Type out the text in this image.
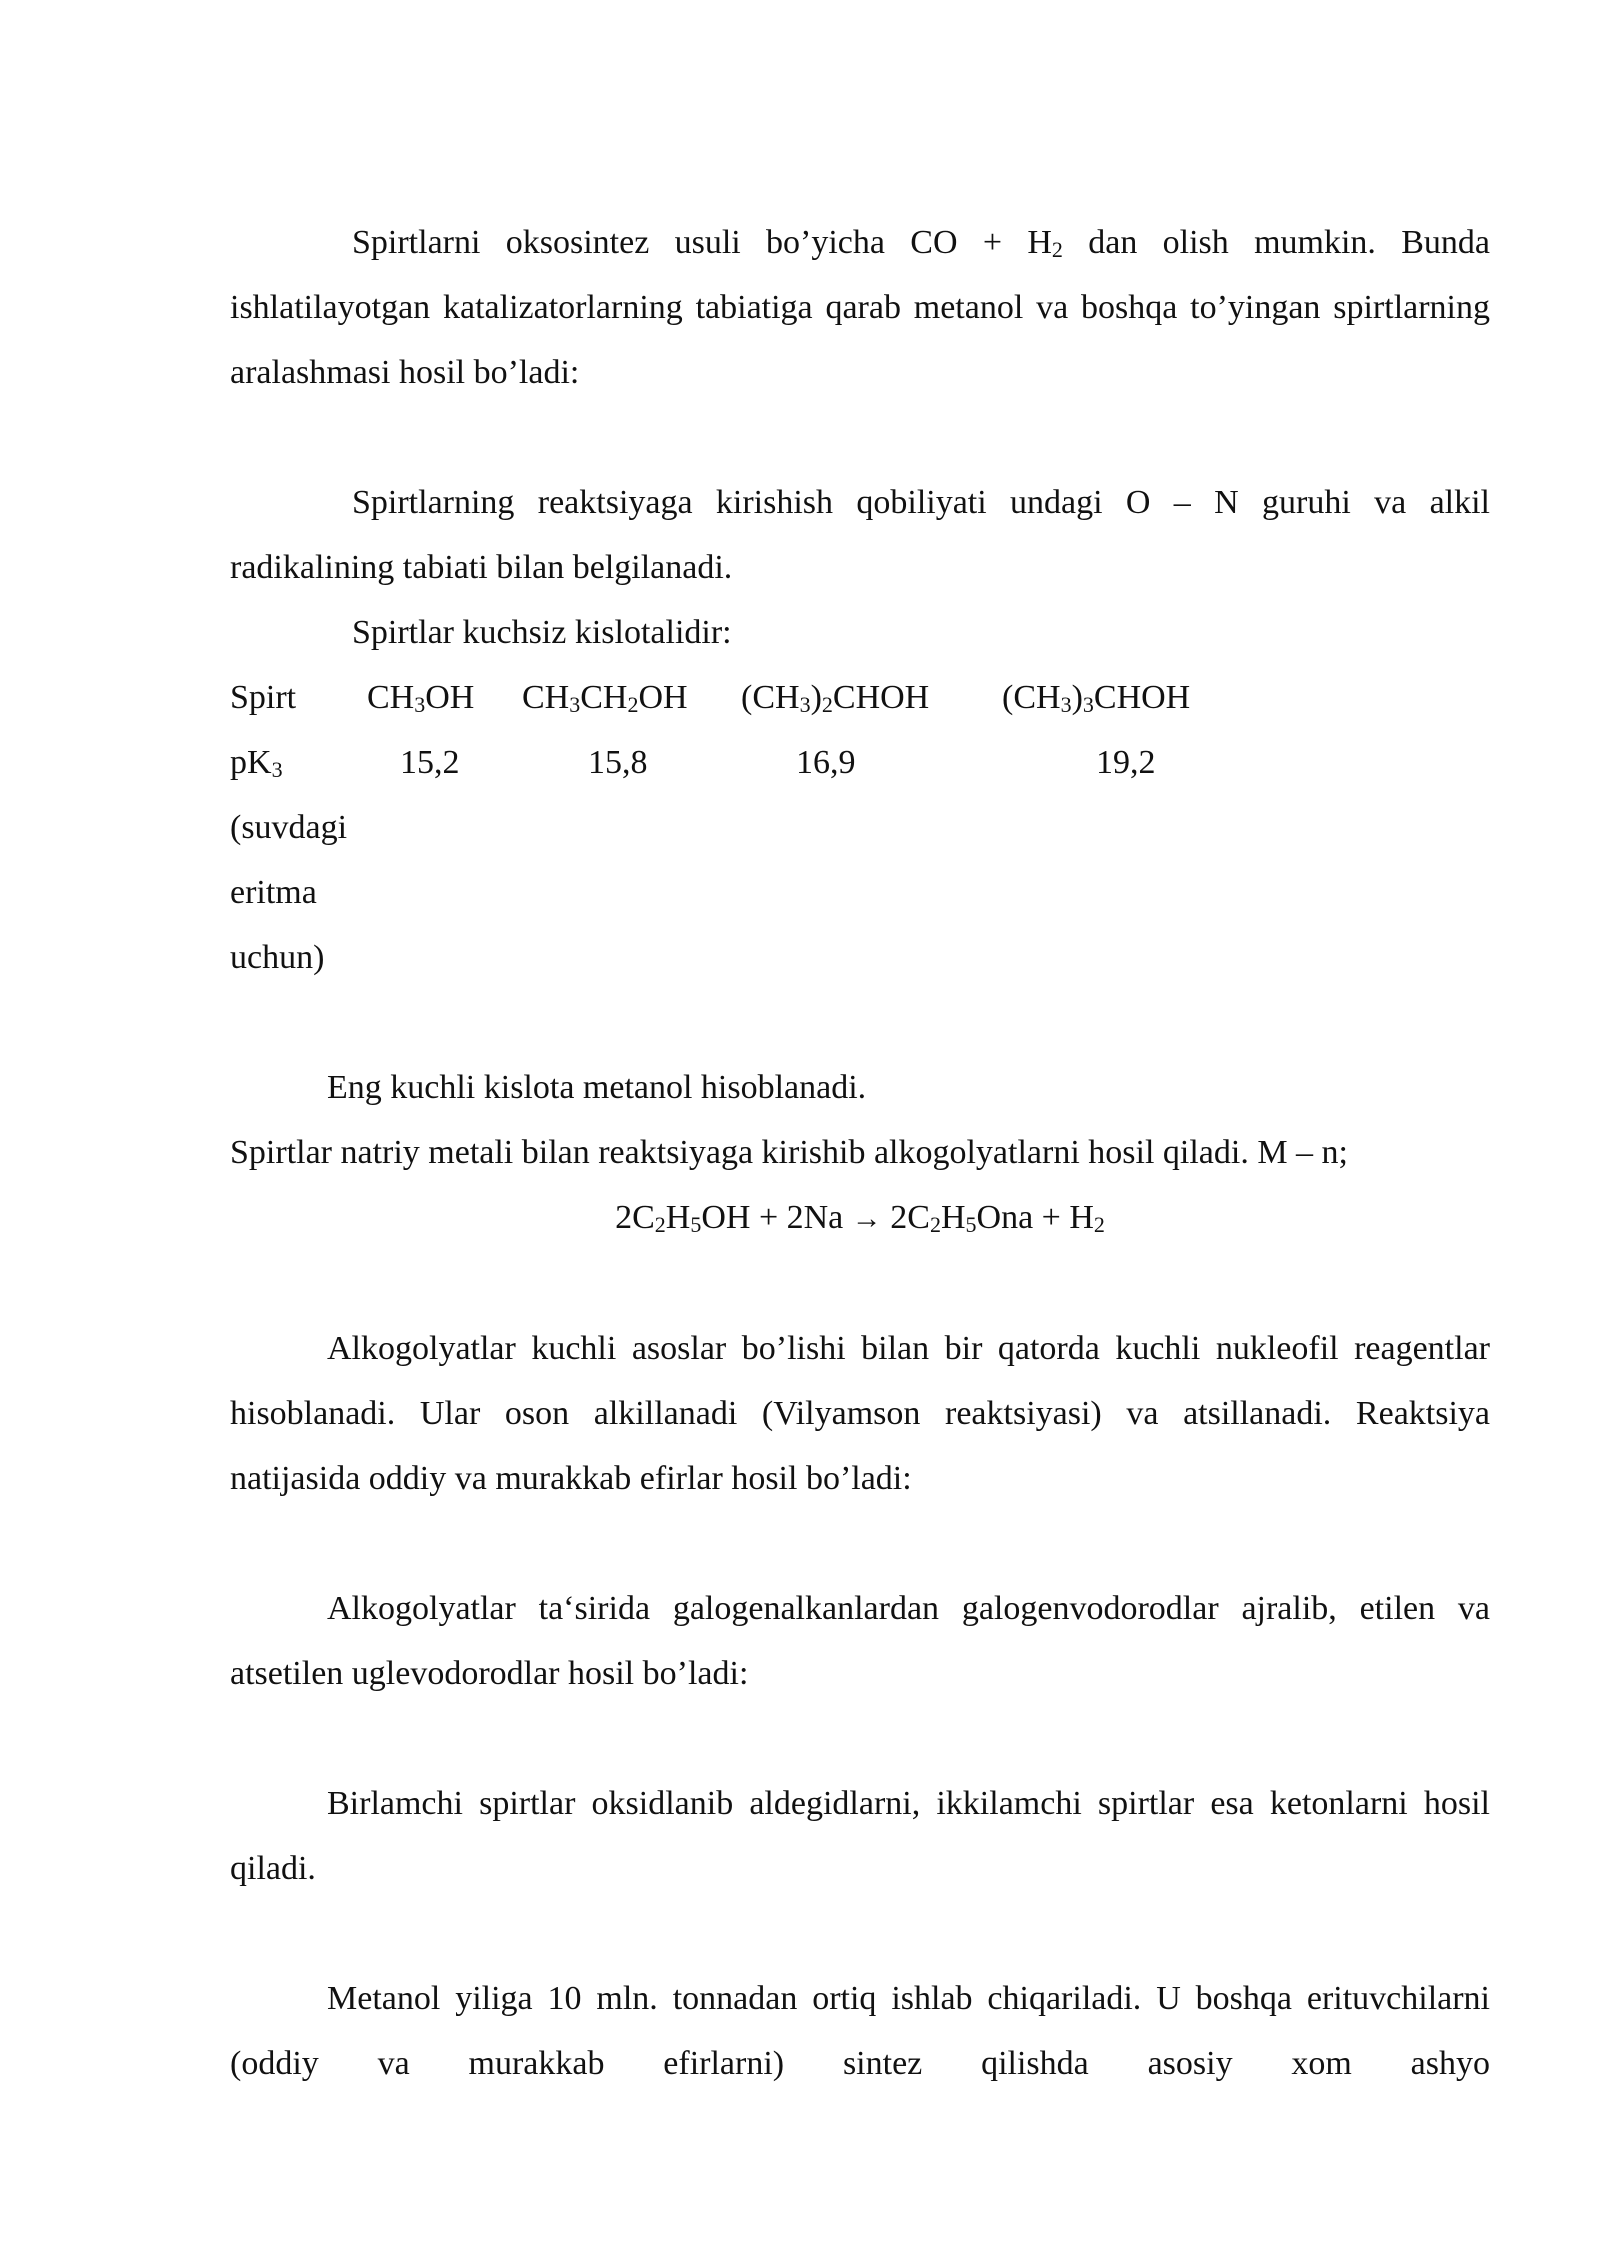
Spirtlarni oksosintez usuli bo’yicha CO + $H_2$ dan olish mumkin. Bunda ishlatilayotgan katalizatorlarning tabiatiga qarab metanol va boshqa to’yingan spirtlarning aralashmasi hosil bo’ladi:

Spirtlarning reaktsiyaga kirishish qobiliyati undagi O – N guruhi va alkil radikalining tabiati bilan belgilanadi.

Spirtlar kuchsiz kislotalidir:

Spirt $CH_3OH$ $CH_3CH_2OH$ $(CH_3)_2CHOH$ $(CH_3)_3CHOH$
$pK_3$	15,2	15,8	16,9	19,2
(suvdagi
eritma
uchun)

Eng kuchli kislota metanol hisoblanadi.

Spirtlar natriy metali bilan reaktsiyaga kirishib alkogolyatlarni hosil qiladi. M – n;

$2C_2H_5OH + 2Na \to 2C_2H_5Ona + H_2$

Alkogolyatlar kuchli asoslar bo’lishi bilan bir qatorda kuchli nukleofil reagentlar hisoblanadi. Ular oson alkillanadi (Vilyamson reaktsiyasi) va atsillanadi. Reaktsiya natijasida oddiy va murakkab efirlar hosil bo’ladi:

Alkogolyatlar ta‘sirida galogenalkanlardan galogenvodorodlar ajralib, etilen va atsetilen uglevodorodlar hosil bo’ladi:

Birlamchi spirtlar oksidlanib aldegidlarni, ikkilamchi spirtlar esa ketonlarni hosil qiladi.

Metanol yiliga 10 mln. tonnadan ortiq ishlab chiqariladi. U boshqa erituvchilarni (oddiy va murakkab efirlarni) sintez qilishda asosiy xom ashyo
